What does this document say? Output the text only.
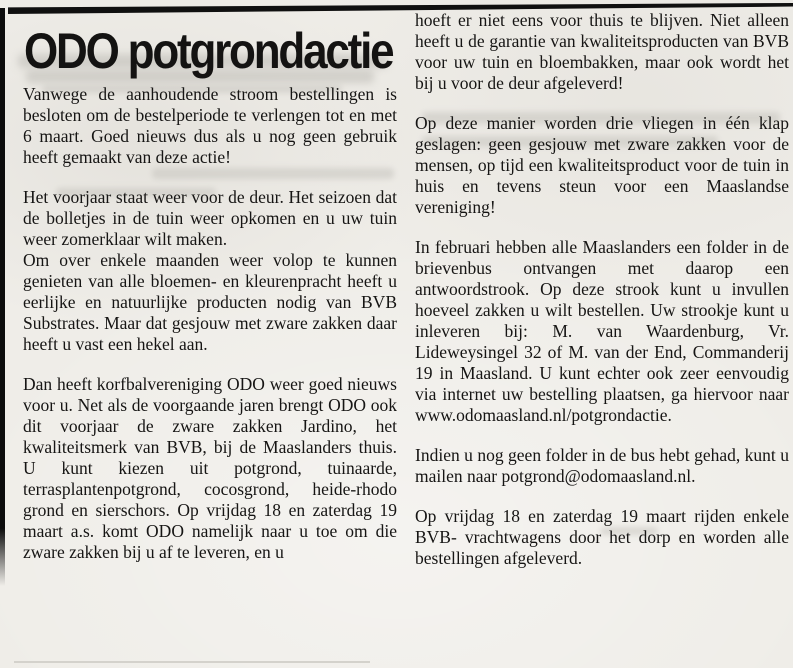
ODO potgrondactie

Vanwege de aanhoudende stroom bestellingen is besloten om de bestelperiode te verlengen tot en met 6 maart. Goed nieuws dus als u nog geen gebruik heeft gemaakt van deze actie!

Het voorjaar staat weer voor de deur. Het seizoen dat de bolletjes in de tuin weer opkomen en u uw tuin weer zomerklaar wilt maken.

Om over enkele maanden weer volop te kunnen genieten van alle bloemen- en kleurenpracht heeft u eerlijke en natuurlijke producten nodig van BVB Substrates. Maar dat gesjouw met zware zakken daar heeft u vast een hekel aan.

Dan heeft korfbalvereniging ODO weer goed nieuws voor u. Net als de voorgaande jaren brengt ODO ook dit voorjaar de zware zakken Jardino, het kwaliteitsmerk van BVB, bij de Maaslanders thuis. U kunt kiezen uit potgrond, tuinaarde, terrasplantenpotgrond, cocosgrond, heide-rhodo grond en sierschors. Op vrijdag 18 en zaterdag 19 maart a.s. komt ODO namelijk naar u toe om die zware zakken bij u af te leveren, en u

hoeft er niet eens voor thuis te blijven. Niet alleen heeft u de garantie van kwaliteitsproducten van BVB voor uw tuin en bloembakken, maar ook wordt het bij u voor de deur afgeleverd!

Op deze manier worden drie vliegen in één klap geslagen: geen gesjouw met zware zakken voor de mensen, op tijd een kwaliteitsproduct voor de tuin in huis en tevens steun voor een Maaslandse vereniging!

In februari hebben alle Maaslanders een folder in de brievenbus ontvangen met daarop een antwoordstrook. Op deze strook kunt u invullen hoeveel zakken u wilt bestellen. Uw strookje kunt u inleveren bij: M. van Waardenburg, Vr. Lideweysingel 32 of M. van der End, Commanderij 19 in Maasland. U kunt echter ook zeer eenvoudig via internet uw bestelling plaatsen, ga hiervoor naar www.odomaasland.nl/potgrondactie.

Indien u nog geen folder in de bus hebt gehad, kunt u mailen naar potgrond@odomaasland.nl.

Op vrijdag 18 en zaterdag 19 maart rijden enkele BVB- vrachtwagens door het dorp en worden alle bestellingen afgeleverd.
